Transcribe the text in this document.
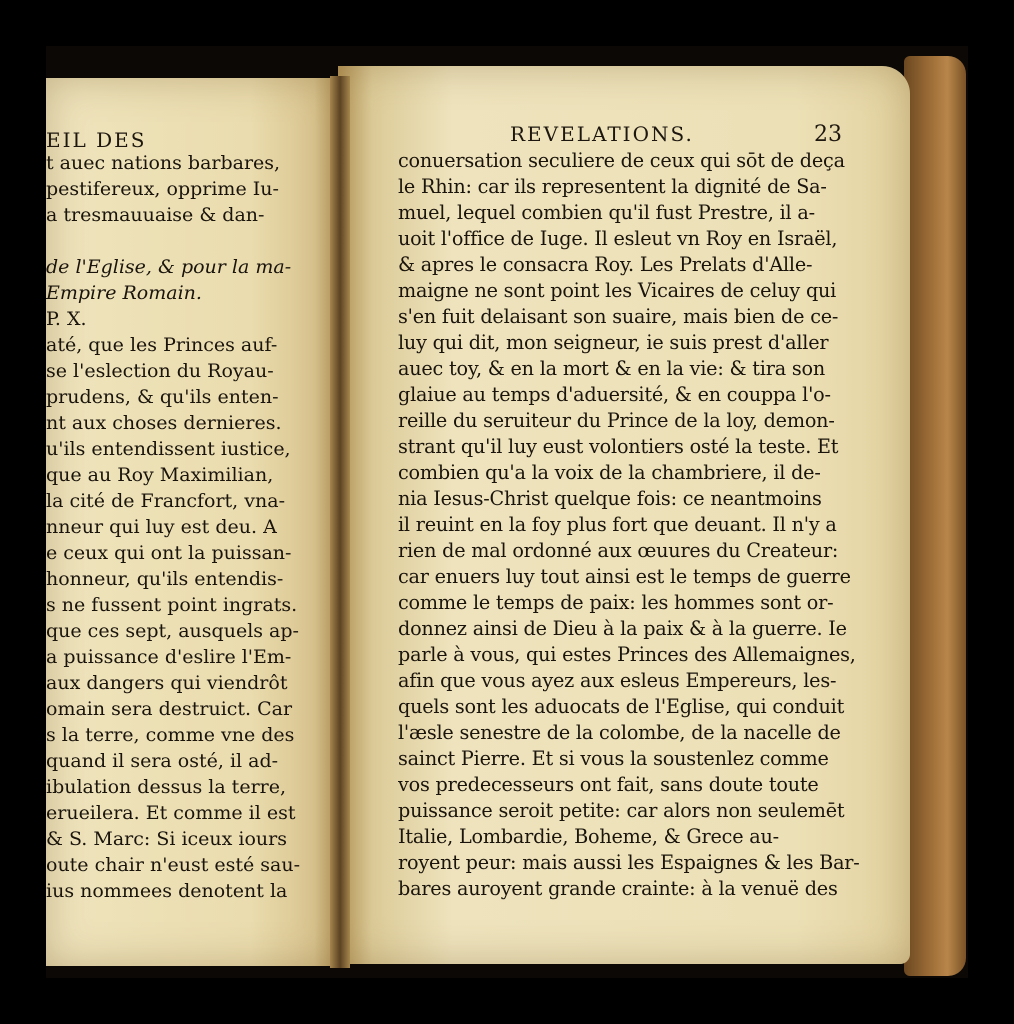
EIL DES
t auec nations barbares,
pestifereux, opprime Iu-
a tresmauuaise & dan-
de l'Eglise, & pour la ma-
Empire Romain.
P. X.
até, que les Princes auf-
se l'eslection du Royau-
prudens, & qu'ils enten-
nt aux choses dernieres.
u'ils entendissent iustice,
que au Roy Maximilian,
la cité de Francfort, vna-
nneur qui luy est deu. A
e ceux qui ont la puissan-
honneur, qu'ils entendis-
s ne fussent point ingrats.
que ces sept, ausquels ap-
a puissance d'eslire l'Em-
aux dangers qui viendrôt
omain sera destruict. Car
s la terre, comme vne des
quand il sera osté, il ad-
ibulation dessus la terre,
erueilera. Et comme il est
& S. Marc: Si iceux iours
oute chair n'eust esté sau-
ius nommees denotent la
REVELATIONS.	23
conuersation seculiere de ceux qui sōt de deça
le Rhin: car ils representent la dignité de Sa-
muel, lequel combien qu'il fust Prestre, il a-
uoit l'office de Iuge. Il esleut vn Roy en Israël,
& apres le consacra Roy. Les Prelats d'Alle-
maigne ne sont point les Vicaires de celuy qui
s'en fuit delaisant son suaire, mais bien de ce-
luy qui dit, mon seigneur, ie suis prest d'aller
auec toy, & en la mort & en la vie: & tira son
glaiue au temps d'aduersité, & en couppa l'o-
reille du seruiteur du Prince de la loy, demon-
strant qu'il luy eust volontiers osté la teste. Et
combien qu'a la voix de la chambriere, il de-
nia Iesus-Christ quelque fois: ce neantmoins
il reuint en la foy plus fort que deuant. Il n'y a
rien de mal ordonné aux œuures du Createur:
car enuers luy tout ainsi est le temps de guerre
comme le temps de paix: les hommes sont or-
donnez ainsi de Dieu à la paix & à la guerre. Ie
parle à vous, qui estes Princes des Allemaignes,
afin que vous ayez aux esleus Empereurs, les-
quels sont les aduocats de l'Eglise, qui conduit
l'æsle senestre de la colombe, de la nacelle de
sainct Pierre. Et si vous la soustenlez comme
vos predecesseurs ont fait, sans doute toute
puissance seroit petite: car alors non seulemēt
Italie, Lombardie, Boheme, & Grece au-
royent peur: mais aussi les Espaignes & les Bar-
bares auroyent grande crainte: à la venuë des
